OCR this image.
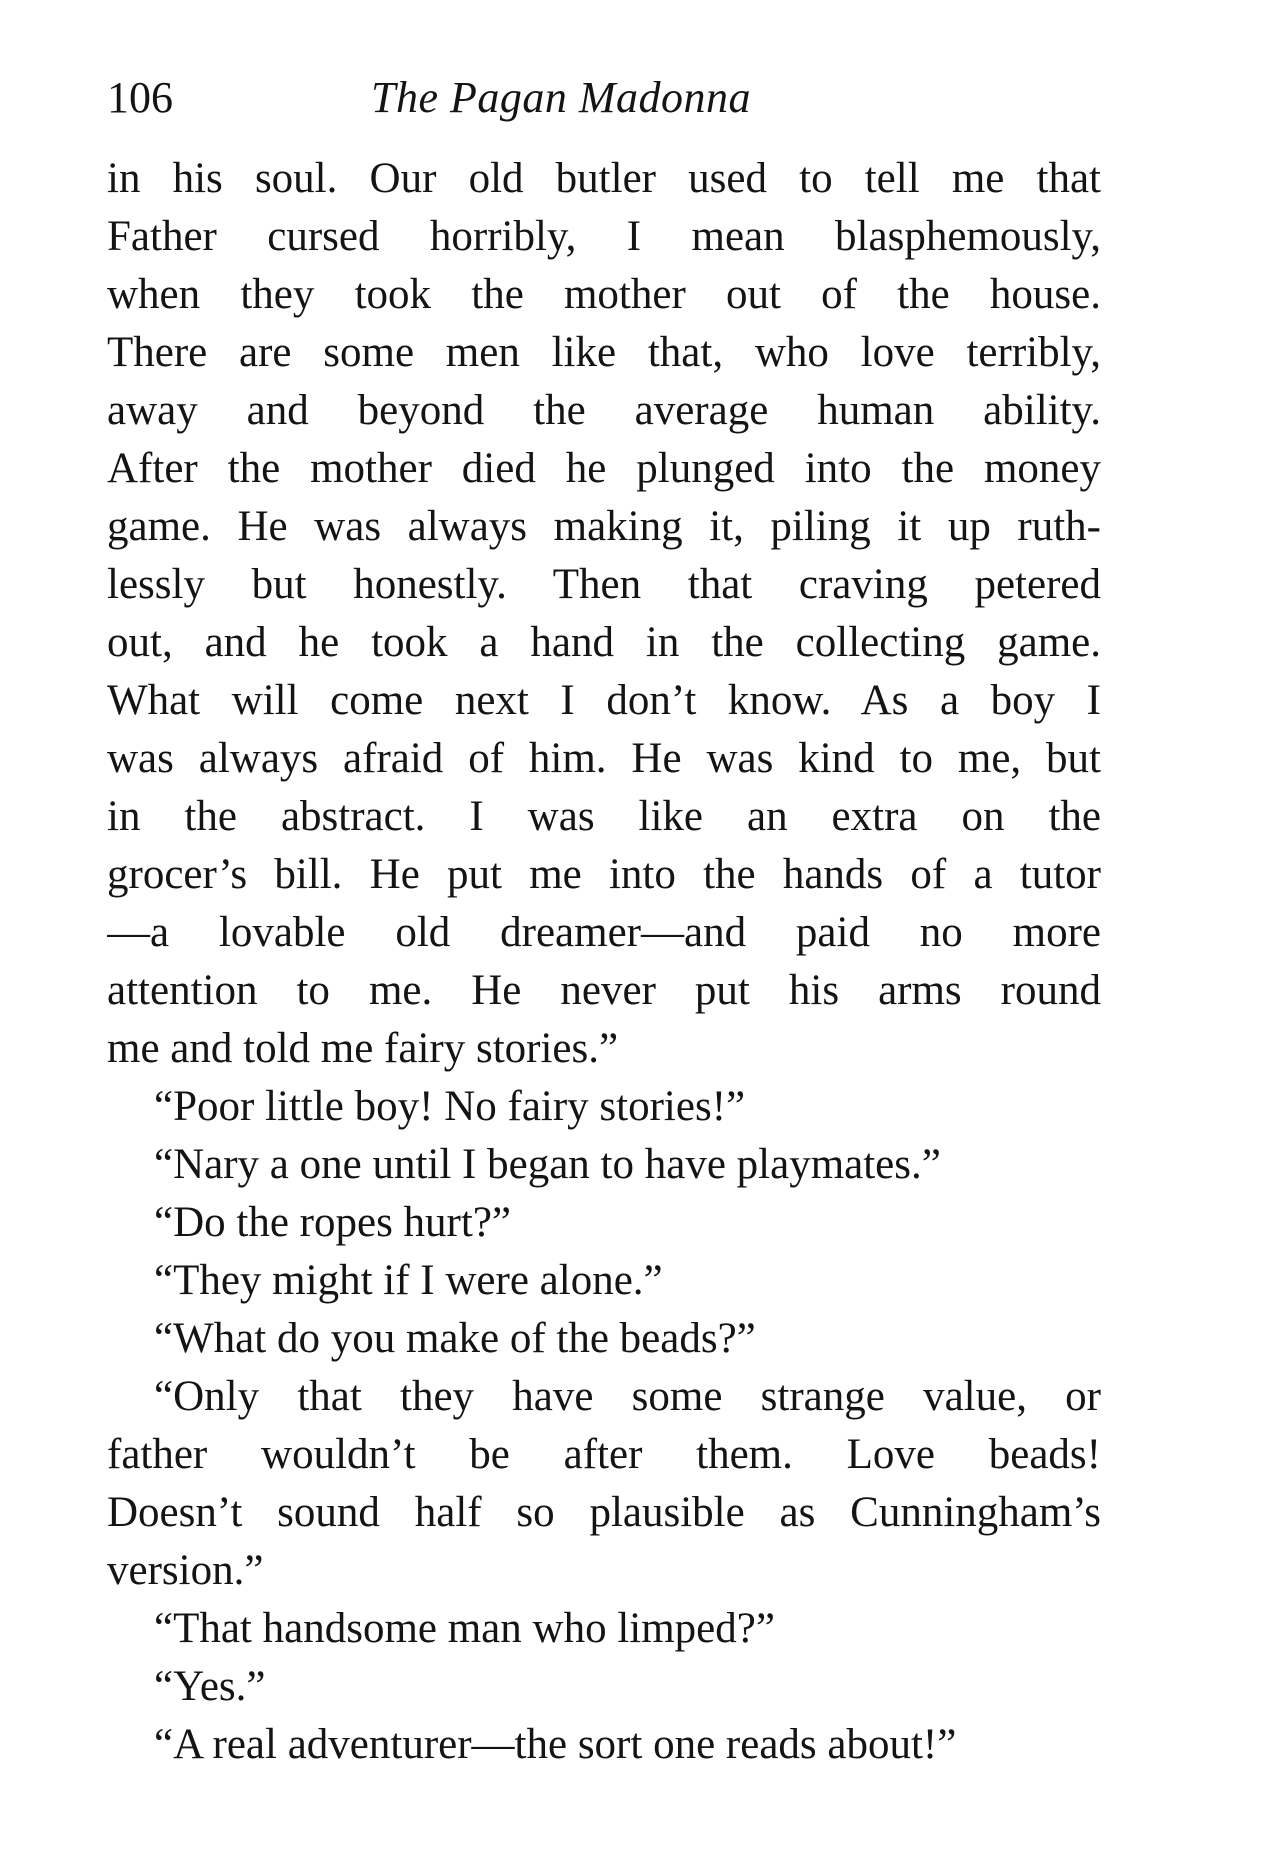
106	The Pagan Madonna
in his soul. Our old butler used to tell me that
Father cursed horribly, I mean blasphemously,
when they took the mother out of the house.
There are some men like that, who love terribly,
away and beyond the average human ability.
After the mother died he plunged into the money
game. He was always making it, piling it up ruth-
lessly but honestly. Then that craving petered
out, and he took a hand in the collecting game.
What will come next I don’t know. As a boy I
was always afraid of him. He was kind to me, but
in the abstract. I was like an extra on the
grocer’s bill. He put me into the hands of a tutor
—a lovable old dreamer—and paid no more
attention to me. He never put his arms round
me and told me fairy stories.”
“Poor little boy! No fairy stories!”
“Nary a one until I began to have playmates.”
“Do the ropes hurt?”
“They might if I were alone.”
“What do you make of the beads?”
“Only that they have some strange value, or
father wouldn’t be after them. Love beads!
Doesn’t sound half so plausible as Cunningham’s
version.”
“That handsome man who limped?”
“Yes.”
“A real adventurer—the sort one reads about!”
